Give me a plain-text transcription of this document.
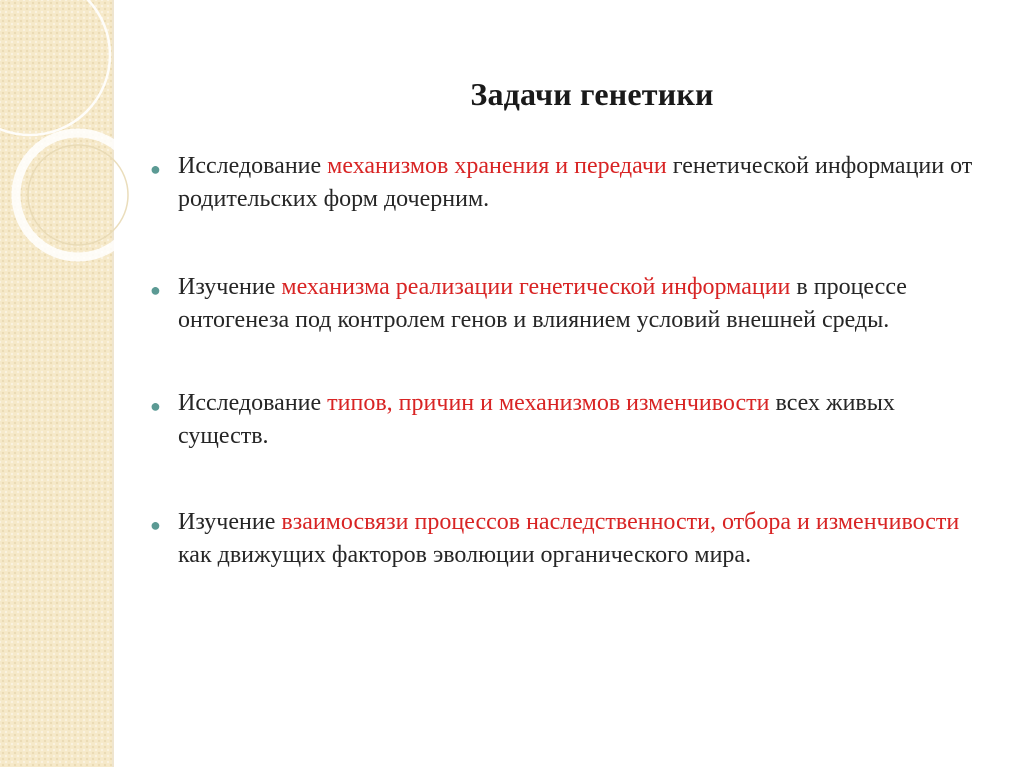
Задачи генетики
● Исследование механизмов хранения и передачи генетической информации от родительских форм дочерним.
● Изучение механизма реализации генетической информации в процессе онтогенеза под контролем генов и влиянием условий внешней среды.
● Исследование типов, причин и механизмов изменчивости всех живых существ.
● Изучение взаимосвязи процессов наследственности, отбора и изменчивости как движущих факторов эволюции органического мира.
